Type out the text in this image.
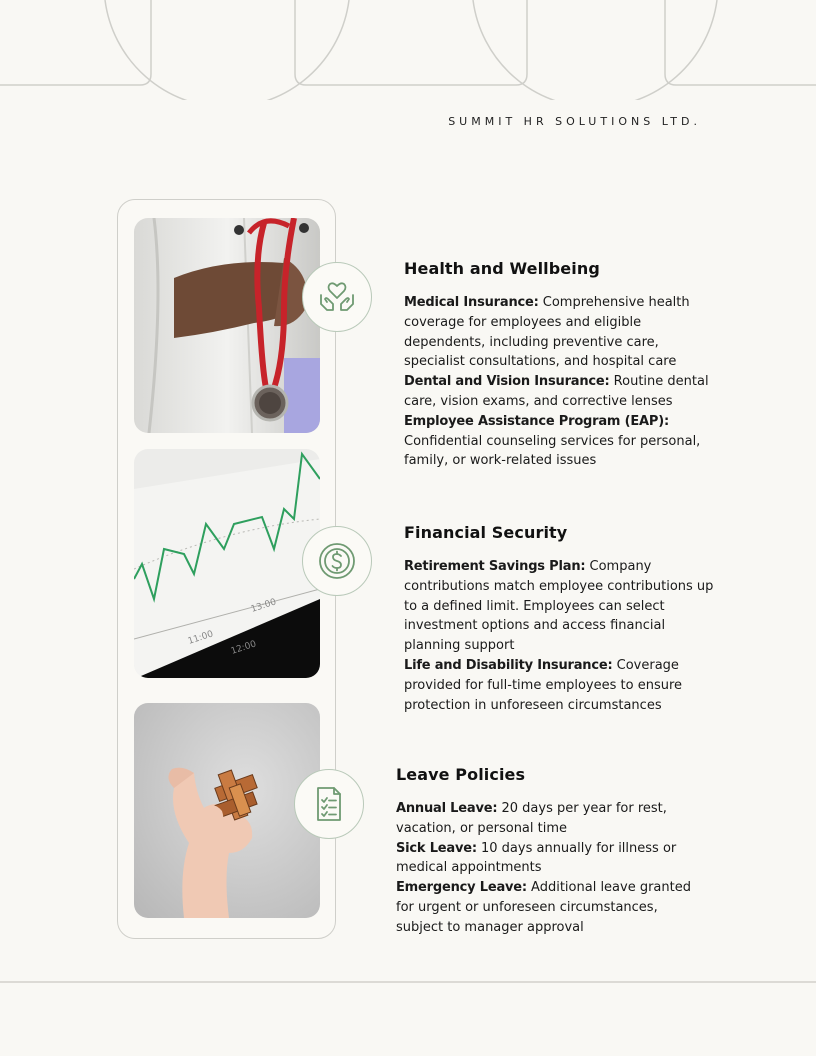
SUMMIT HR SOLUTIONS LTD.
11:00
13:00
12:00
Health and Wellbeing

Medical Insurance: Comprehensive health coverage for employees and eligible dependents, including preventive care, specialist consultations, and hospital care

Dental and Vision Insurance: Routine dental care, vision exams, and corrective lenses

Employee Assistance Program (EAP): Confidential counseling services for personal, family, or work-related issues

Financial Security

Retirement Savings Plan: Company contributions match employee contributions up to a defined limit. Employees can select investment options and access financial planning support

Life and Disability Insurance: Coverage provided for full-time employees to ensure protection in unforeseen circumstances

Leave Policies

Annual Leave: 20 days per year for rest, vacation, or personal time

Sick Leave: 10 days annually for illness or medical appointments

Emergency Leave: Additional leave granted for urgent or unforeseen circumstances, subject to manager approval
